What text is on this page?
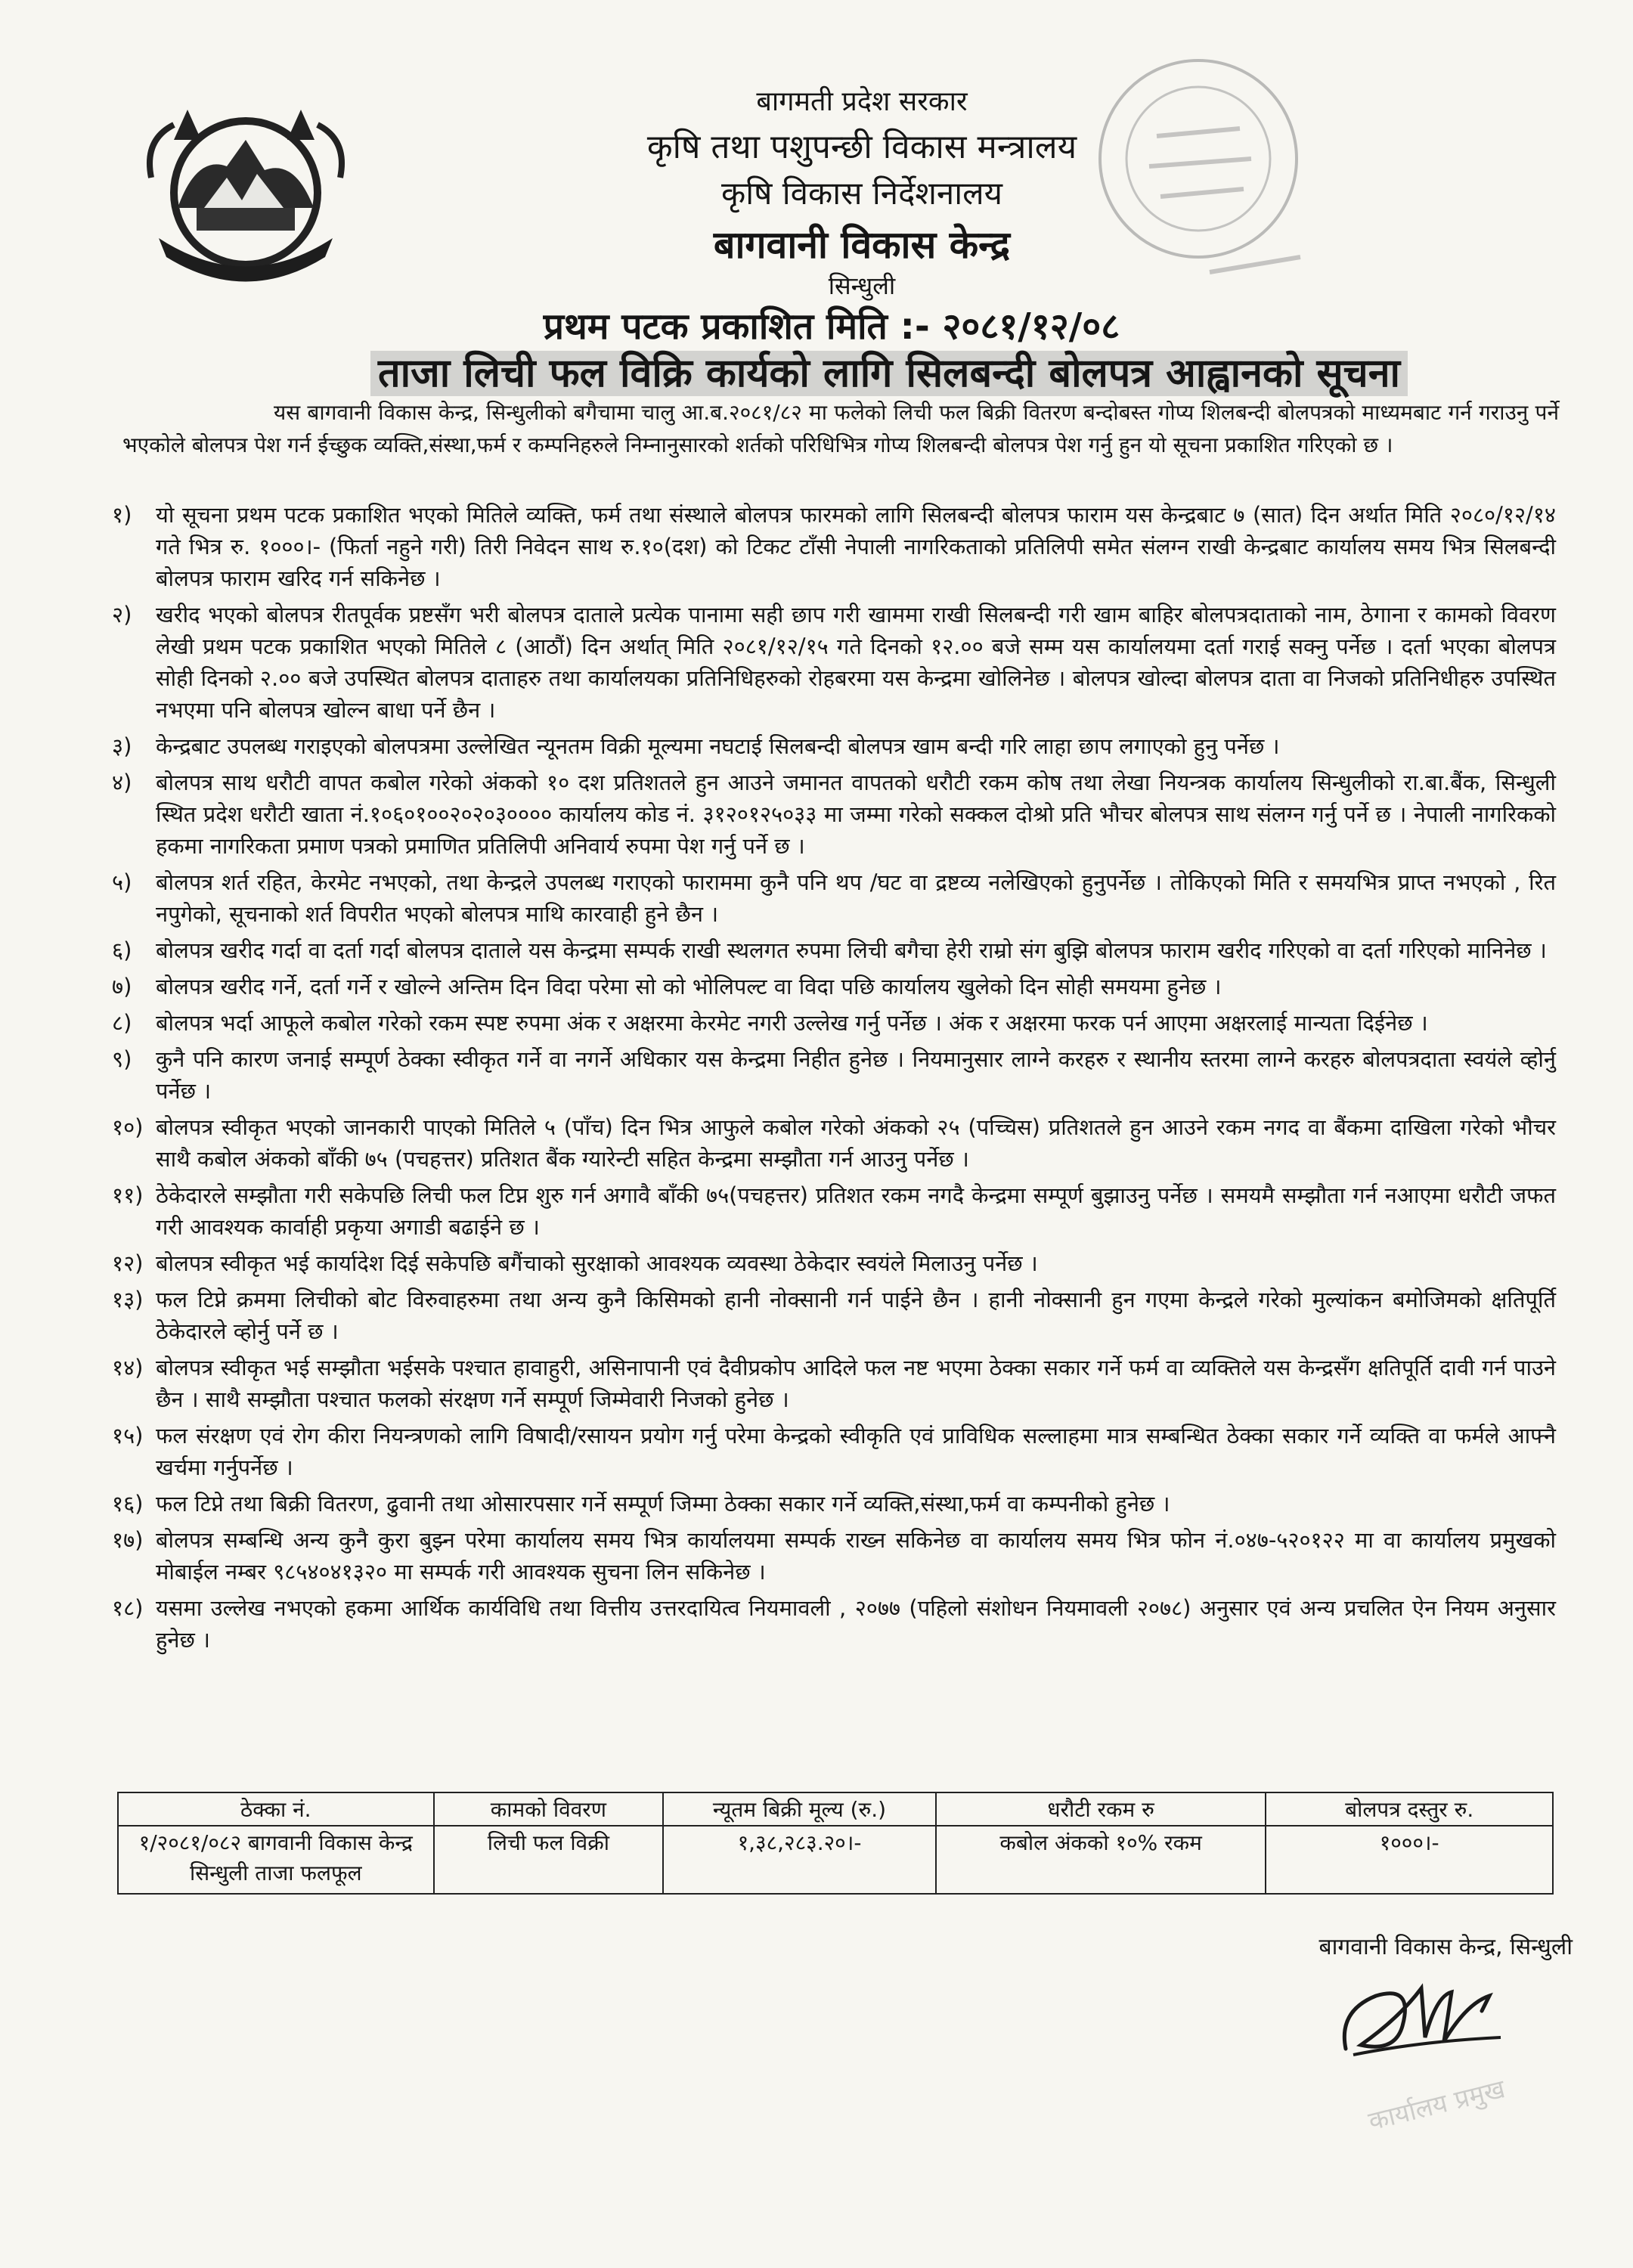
बागमती प्रदेश सरकार
कृषि तथा पशुपन्छी विकास मन्त्रालय
कृषि विकास निर्देशनालय
बागवानी विकास केन्द्र
सिन्धुली
प्रथम पटक प्रकाशित मिति :- २०८१/१२/०८
ताजा लिची फल विक्रि कार्यको लागि सिलबन्दी बोलपत्र आह्वानको सूचना

यस बागवानी विकास केन्द्र, सिन्धुलीको बगैचामा चालु आ.ब.२०८१/८२ मा फलेको लिची फल बिक्री वितरण बन्दोबस्त गोप्य शिलबन्दी बोलपत्रको माध्यमबाट गर्न गराउनु पर्ने भएकोले बोलपत्र पेश गर्न ईच्छुक व्यक्ति,संस्था,फर्म र कम्पनिहरुले निम्नानुसारको शर्तको परिधिभित्र गोप्य शिलबन्दी बोलपत्र पेश गर्नु हुन यो सूचना प्रकाशित गरिएको छ ।

१)	यो सूचना प्रथम पटक प्रकाशित भएको मितिले व्यक्ति, फर्म तथा संस्थाले बोलपत्र फारमको लागि सिलबन्दी बोलपत्र फाराम यस केन्द्रबाट ७ (सात) दिन अर्थात मिति २०८०/१२/१४ गते भित्र रु. १०००।- (फिर्ता नहुने गरी) तिरी निवेदन साथ रु.१०(दश) को टिकट टाँसी नेपाली नागरिकताको प्रतिलिपी समेत संलग्न राखी केन्द्रबाट कार्यालय समय भित्र सिलबन्दी बोलपत्र फाराम खरिद गर्न सकिनेछ ।
२)	खरीद भएको बोलपत्र रीतपूर्वक प्रष्टसँग भरी बोलपत्र दाताले प्रत्येक पानामा सही छाप गरी खाममा राखी सिलबन्दी गरी खाम बाहिर बोलपत्रदाताको नाम, ठेगाना र कामको विवरण लेखी प्रथम पटक प्रकाशित भएको मितिले ८ (आठौं) दिन अर्थात् मिति २०८१/१२/१५ गते दिनको १२.०० बजे सम्म यस कार्यालयमा दर्ता गराई सक्नु पर्नेछ । दर्ता भएका बोलपत्र सोही दिनको २.०० बजे उपस्थित बोलपत्र दाताहरु तथा कार्यालयका प्रतिनिधिहरुको रोहबरमा यस केन्द्रमा खोलिनेछ । बोलपत्र खोल्दा बोलपत्र दाता वा निजको प्रतिनिधीहरु उपस्थित नभएमा पनि बोलपत्र खोल्न बाधा पर्ने छैन ।
३)	केन्द्रबाट उपलब्ध गराइएको बोलपत्रमा उल्लेखित न्यूनतम विक्री मूल्यमा नघटाई सिलबन्दी बोलपत्र खाम बन्दी गरि लाहा छाप लगाएको हुनु पर्नेछ ।
४)	बोलपत्र साथ धरौटी वापत कबोल गरेको अंकको १० दश प्रतिशतले हुन आउने जमानत वापतको धरौटी रकम कोष तथा लेखा नियन्त्रक कार्यालय सिन्धुलीको रा.बा.बैंक, सिन्धुली स्थित प्रदेश धरौटी खाता नं.१०६०१००२०२०३०००० कार्यालय कोड नं. ३१२०१२५०३३ मा जम्मा गरेको सक्कल दोश्रो प्रति भौचर बोलपत्र साथ संलग्न गर्नु पर्ने छ । नेपाली नागरिकको हकमा नागरिकता प्रमाण पत्रको प्रमाणित प्रतिलिपी अनिवार्य रुपमा पेश गर्नु पर्ने छ ।
५)	बोलपत्र शर्त रहित, केरमेट नभएको, तथा केन्द्रले उपलब्ध गराएको फाराममा कुनै पनि थप /घट वा द्रष्टव्य नलेखिएको हुनुपर्नेछ । तोकिएको मिति र समयभित्र प्राप्त नभएको , रित नपुगेको, सूचनाको शर्त विपरीत भएको बोलपत्र माथि कारवाही हुने छैन ।
६)	बोलपत्र खरीद गर्दा वा दर्ता गर्दा बोलपत्र दाताले यस केन्द्रमा सम्पर्क राखी स्थलगत रुपमा लिची बगैचा हेरी राम्रो संग बुझि बोलपत्र फाराम खरीद गरिएको वा दर्ता गरिएको मानिनेछ ।
७)	बोलपत्र खरीद गर्ने, दर्ता गर्ने र खोल्ने अन्तिम दिन विदा परेमा सो को भोलिपल्ट वा विदा पछि कार्यालय खुलेको दिन सोही समयमा हुनेछ ।
८)	बोलपत्र भर्दा आफूले कबोल गरेको रकम स्पष्ट रुपमा अंक र अक्षरमा केरमेट नगरी उल्लेख गर्नु पर्नेछ । अंक र अक्षरमा फरक पर्न आएमा अक्षरलाई मान्यता दिईनेछ ।
९)	कुनै पनि कारण जनाई सम्पूर्ण ठेक्का स्वीकृत गर्ने वा नगर्ने अधिकार यस केन्द्रमा निहीत हुनेछ । नियमानुसार लाग्ने करहरु र स्थानीय स्तरमा लाग्ने करहरु बोलपत्रदाता स्वयंले व्होर्नु पर्नेछ ।
१०) बोलपत्र स्वीकृत भएको जानकारी पाएको मितिले ५ (पाँच) दिन भित्र आफुले कबोल गरेको अंकको २५ (पच्चिस) प्रतिशतले हुन आउने रकम नगद वा बैंकमा दाखिला गरेको भौचर साथै कबोल अंकको बाँकी ७५ (पचहत्तर) प्रतिशत बैंक ग्यारेन्टी सहित केन्द्रमा सम्झौता गर्न आउनु पर्नेछ ।
११) ठेकेदारले सम्झौता गरी सकेपछि लिची फल टिप्न शुरु गर्न अगावै बाँकी ७५(पचहत्तर) प्रतिशत रकम नगदै केन्द्रमा सम्पूर्ण बुझाउनु पर्नेछ । समयमै सम्झौता गर्न नआएमा धरौटी जफत गरी आवश्यक कार्वाही प्रकृया अगाडी बढाईने छ ।
१२) बोलपत्र स्वीकृत भई कार्यादेश दिई सकेपछि बगैंचाको सुरक्षाको आवश्यक व्यवस्था ठेकेदार स्वयंले मिलाउनु पर्नेछ ।
१३) फल टिप्ने क्रममा लिचीको बोट विरुवाहरुमा तथा अन्य कुनै किसिमको हानी नोक्सानी गर्न पाईने छैन । हानी नोक्सानी हुन गएमा केन्द्रले गरेको मुल्यांकन बमोजिमको क्षतिपूर्ति ठेकेदारले व्होर्नु पर्ने छ ।
१४) बोलपत्र स्वीकृत भई सम्झौता भईसके पश्चात हावाहुरी, असिनापानी एवं दैवीप्रकोप आदिले फल नष्ट भएमा ठेक्का सकार गर्ने फर्म वा व्यक्तिले यस केन्द्रसँग क्षतिपूर्ति दावी गर्न पाउने छैन । साथै सम्झौता पश्चात फलको संरक्षण गर्ने सम्पूर्ण जिम्मेवारी निजको हुनेछ ।
१५) फल संरक्षण एवं रोग कीरा नियन्त्रणको लागि विषादी/रसायन प्रयोग गर्नु परेमा केन्द्रको स्वीकृति एवं प्राविधिक सल्लाहमा मात्र सम्बन्धित ठेक्का सकार गर्ने व्यक्ति वा फर्मले आफ्नै खर्चमा गर्नुपर्नेछ ।
१६) फल टिप्ने तथा बिक्री वितरण, ढुवानी तथा ओसारपसार गर्ने सम्पूर्ण जिम्मा ठेक्का सकार गर्ने व्यक्ति,संस्था,फर्म वा कम्पनीको हुनेछ ।
१७) बोलपत्र सम्बन्धि अन्य कुनै कुरा बुझ्न परेमा कार्यालय समय भित्र कार्यालयमा सम्पर्क राख्न सकिनेछ वा कार्यालय समय भित्र फोन नं.०४७-५२०१२२ मा वा कार्यालय प्रमुखको मोबाईल नम्बर ९८५४०४१३२० मा सम्पर्क गरी आवश्यक सुचना लिन सकिनेछ ।
१८) यसमा उल्लेख नभएको हकमा आर्थिक कार्यविधि तथा वित्तीय उत्तरदायित्व नियमावली , २०७७ (पहिलो संशोधन नियमावली २०७८) अनुसार एवं अन्य प्रचलित ऐन नियम अनुसार हुनेछ ।
ठेक्का नं.	कामको विवरण	न्यूतम बिक्री मूल्य (रु.)	धरौटी रकम रु	बोलपत्र दस्तुर रु.
१/२०८१/०८२ बागवानी विकास केन्द्र सिन्धुली ताजा फलफूल	लिची फल विक्री	१,३८,२८३.२०।-	कबोल अंकको १०% रकम	१०००।-
बागवानी विकास केन्द्र, सिन्धुली
कार्यालय प्रमुख
